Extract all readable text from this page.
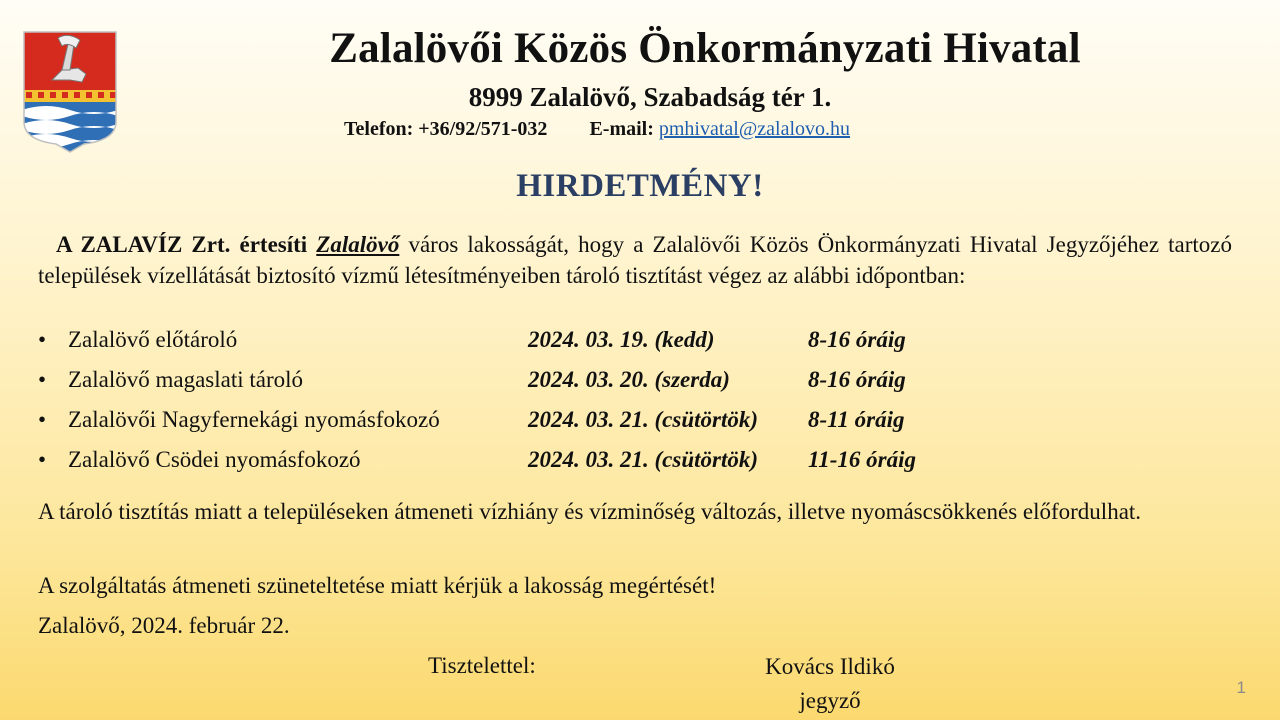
Zalalövői Közös Önkormányzati Hivatal
8999 Zalalövő, Szabadság tér 1.
Telefon: +36/92/571-032 E-mail: pmhivatal@zalalovo.hu
HIRDETMÉNY!

A ZALAVÍZ Zrt. értesíti Zalalövő város lakosságát, hogy a Zalalövői Közös Önkormányzati Hivatal Jegyzőjéhez tartozó települések vízellátását biztosító vízmű létesítményeiben tároló tisztítást végez az alábbi időpontban:

• Zalalövő előtároló	2024. 03. 19. (kedd)	8-16 óráig
• Zalalövő magaslati tároló	2024. 03. 20. (szerda)	8-16 óráig
• Zalalövői Nagyfernekági nyomásfokozó	2024. 03. 21. (csütörtök) 8-11 óráig
• Zalalövő Csödei nyomásfokozó	2024. 03. 21. (csütörtök) 11-16 óráig

A tároló tisztítás miatt a településeken átmeneti vízhiány és vízminőség változás, illetve nyomáscsökkenés előfordulhat.

A szolgáltatás átmeneti szüneteltetése miatt kérjük a lakosság megértését!

Zalalövő, 2024. február 22.

Tisztelettel:	Kovács Ildikó
jegyző
1
